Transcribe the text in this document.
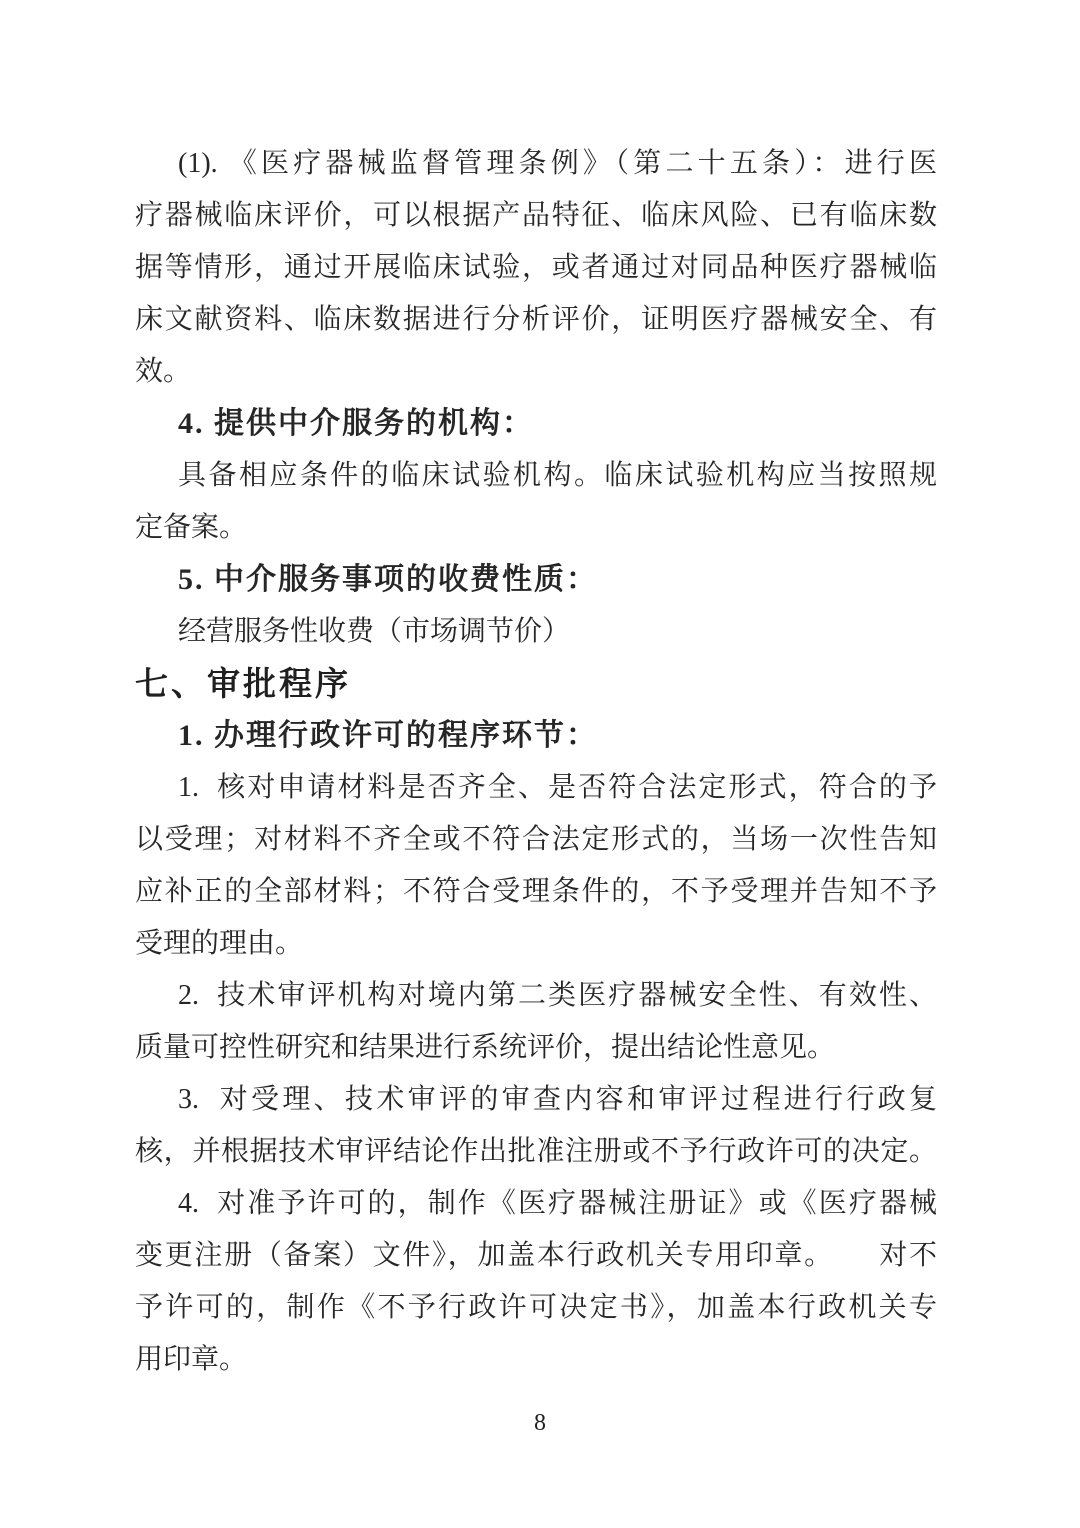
(1). 《医疗器械监督管理条例》（第二十五条）：进行医
疗器械临床评价，可以根据产品特征、临床风险、已有临床数
据等情形，通过开展临床试验，或者通过对同品种医疗器械临
床文献资料、临床数据进行分析评价，证明医疗器械安全、有
效。
4. 提供中介服务的机构：
具备相应条件的临床试验机构。临床试验机构应当按照规
定备案。
5. 中介服务事项的收费性质：
经营服务性收费（市场调节价）
七、审批程序
1. 办理行政许可的程序环节：
1.  核对申请材料是否齐全、是否符合法定形式，符合的予
以受理；对材料不齐全或不符合法定形式的，当场一次性告知
应补正的全部材料；不符合受理条件的，不予受理并告知不予
受理的理由。
2.  技术审评机构对境内第二类医疗器械安全性、有效性、
质量可控性研究和结果进行系统评价，提出结论性意见。
3.  对受理、技术审评的审查内容和审评过程进行行政复
核，并根据技术审评结论作出批准注册或不予行政许可的决定。
4.  对准予许可的，制作《医疗器械注册证》或《医疗器械
变更注册（备案）文件》，加盖本行政机关专用印章。　　对不
予许可的，制作《不予行政许可决定书》，加盖本行政机关专
用印章。
8
